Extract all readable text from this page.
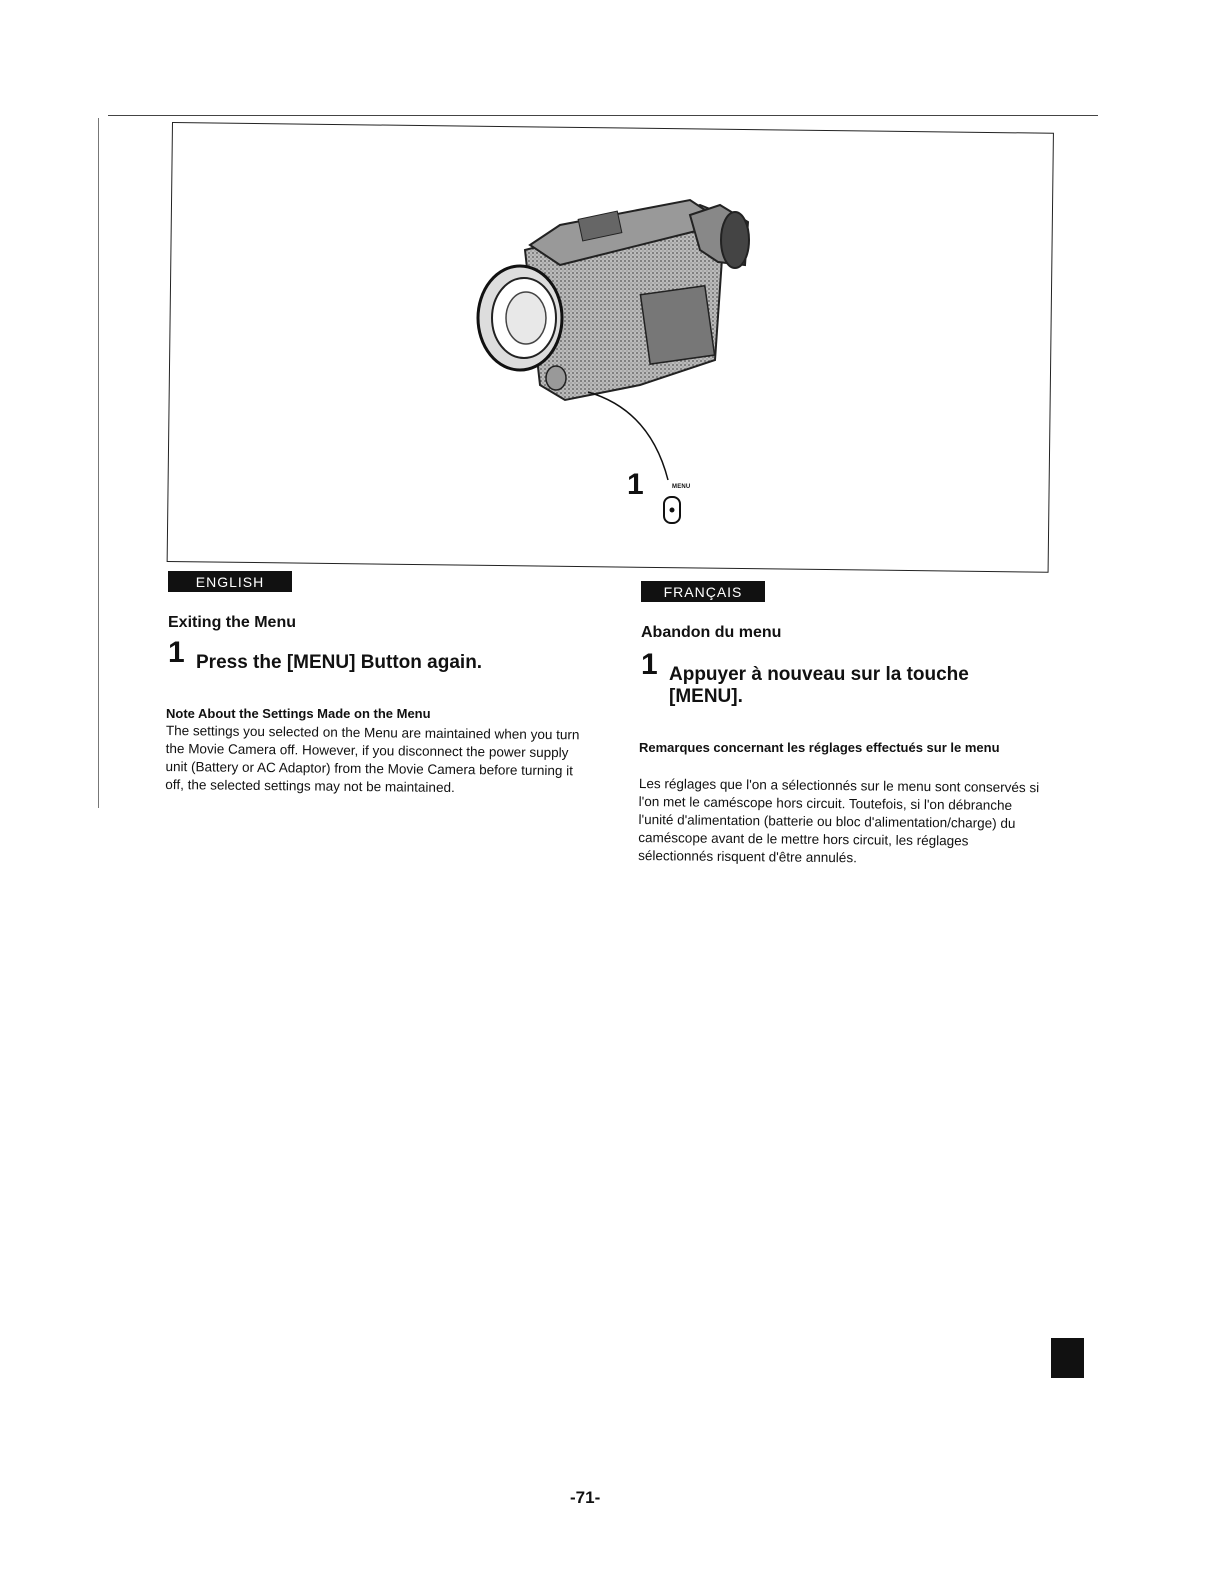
1	MENU
ENGLISH
Exiting the Menu
1 Press the [MENU] Button again.
Note About the Settings Made on the Menu
The settings you selected on the Menu are maintained when you turn the Movie Camera off. However, if you disconnect the power supply unit (Battery or AC Adaptor) from the Movie Camera before turning it off, the selected settings may not be maintained.
FRANÇAIS
Abandon du menu
1 Appuyer à nouveau sur la touche [MENU].
Remarques concernant les réglages effectués sur le menu
Les réglages que l'on a sélectionnés sur le menu sont conservés si l'on met le caméscope hors circuit. Toutefois, si l'on débranche l'unité d'alimentation (batterie ou bloc d'alimentation/charge) du caméscope avant de le mettre hors circuit, les réglages sélectionnés risquent d'être annulés.
-71-
